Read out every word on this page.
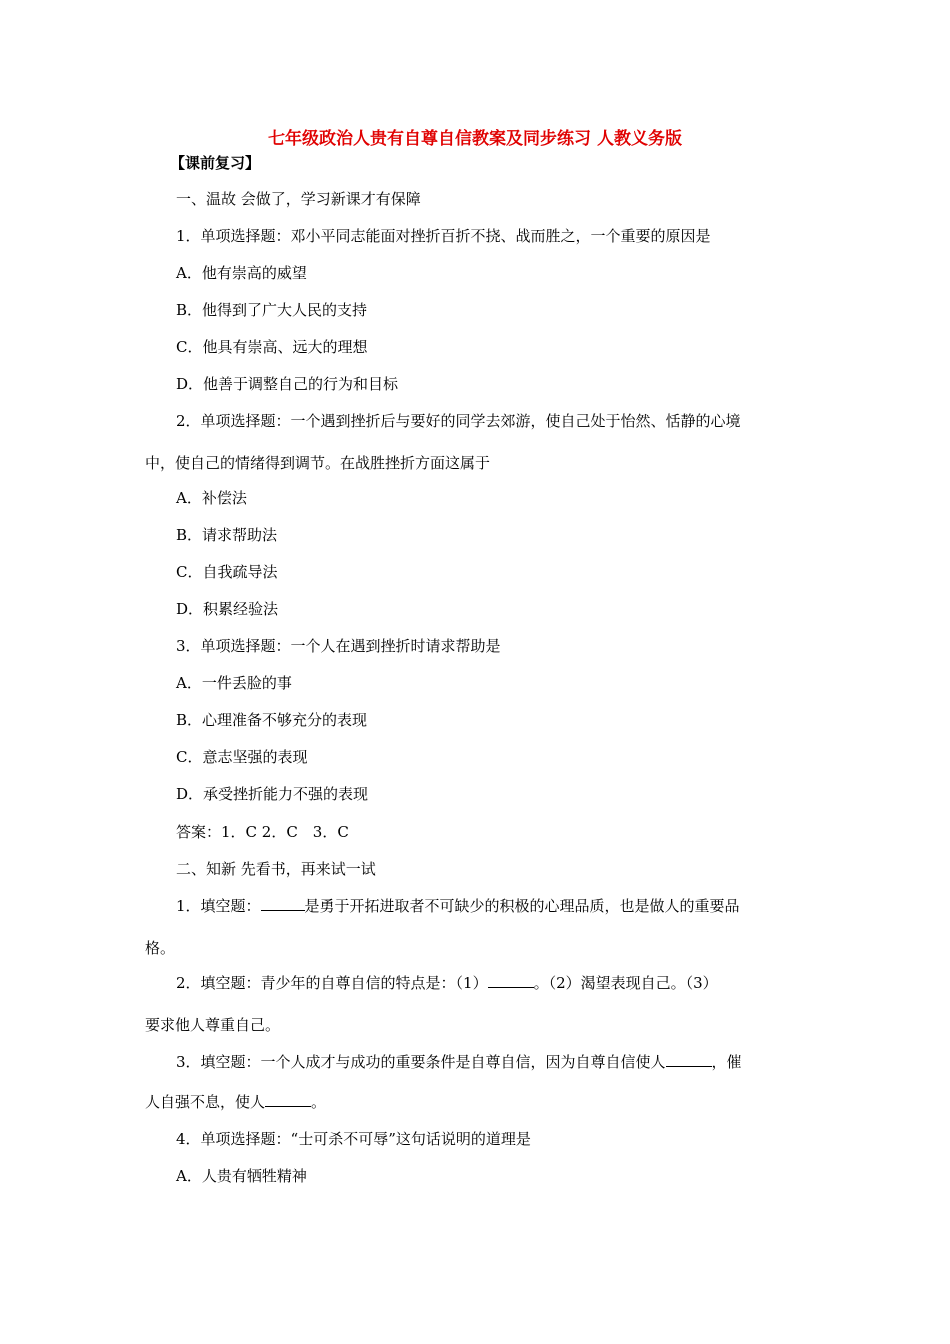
七年级政治人贵有自尊自信教案及同步练习 人教义务版
【课前复习】
一、温故 会做了，学习新课才有保障
1．单项选择题：邓小平同志能面对挫折百折不挠、战而胜之，一个重要的原因是
A．他有崇高的威望
B．他得到了广大人民的支持
C．他具有崇高、远大的理想
D．他善于调整自己的行为和目标
2．单项选择题：一个遇到挫折后与要好的同学去郊游，使自己处于怡然、恬静的心境
中，使自己的情绪得到调节。在战胜挫折方面这属于
A．补偿法
B．请求帮助法
C．自我疏导法
D．积累经验法
3．单项选择题：一个人在遇到挫折时请求帮助是
A．一件丢脸的事
B．心理准备不够充分的表现
C．意志坚强的表现
D．承受挫折能力不强的表现
答案：1．C 2．C　3．C
二、知新 先看书，再来试一试
1．填空题：	是勇于开拓进取者不可缺少的积极的心理品质，也是做人的重要品
格。
2．填空题：青少年的自尊自信的特点是：（1）	。（2）渴望表现自己。（3）
要求他人尊重自己。
3．填空题：一个人成才与成功的重要条件是自尊自信，因为自尊自信使人	，催
人自强不息，使人	。
4．单项选择题：“士可杀不可辱”这句话说明的道理是
A．人贵有牺牲精神
